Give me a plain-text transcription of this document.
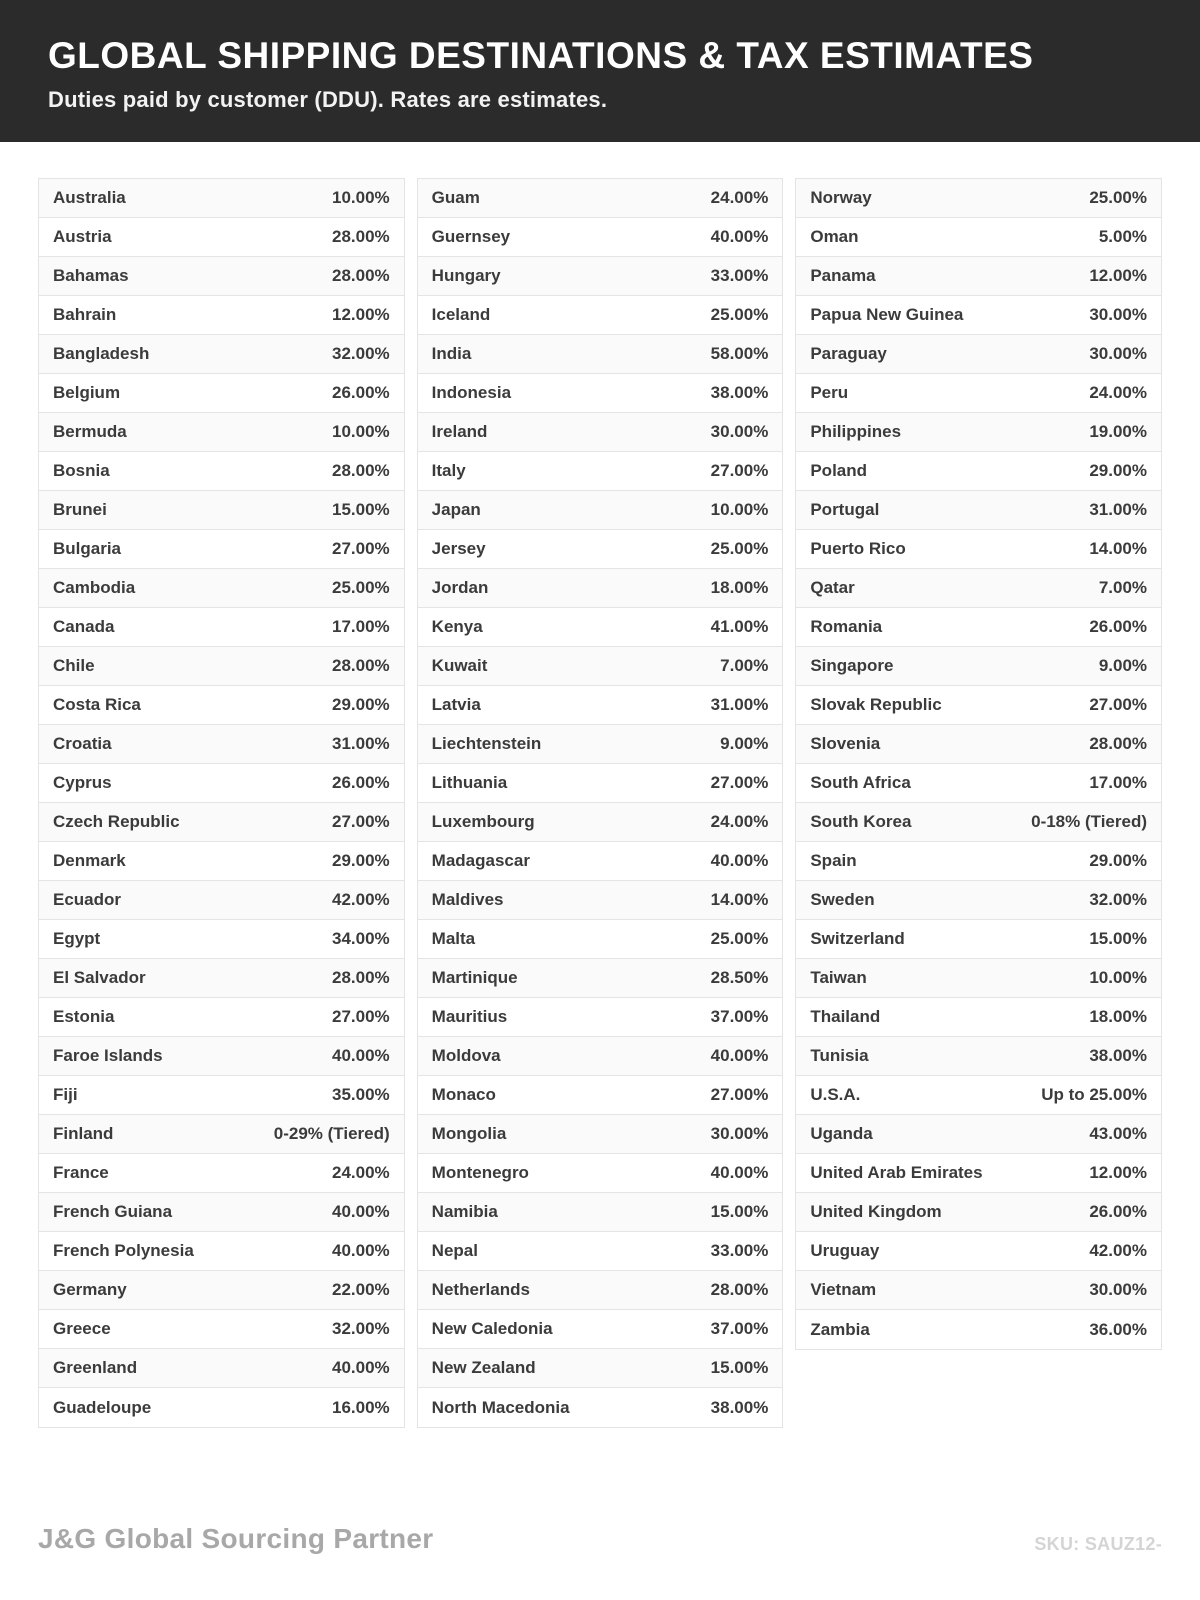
GLOBAL SHIPPING DESTINATIONS & TAX ESTIMATES
Duties paid by customer (DDU). Rates are estimates.
Australia	10.00%
Austria	28.00%
Bahamas	28.00%
Bahrain	12.00%
Bangladesh	32.00%
Belgium	26.00%
Bermuda	10.00%
Bosnia	28.00%
Brunei	15.00%
Bulgaria	27.00%
Cambodia	25.00%
Canada	17.00%
Chile	28.00%
Costa Rica	29.00%
Croatia	31.00%
Cyprus	26.00%
Czech Republic	27.00%
Denmark	29.00%
Ecuador	42.00%
Egypt	34.00%
El Salvador	28.00%
Estonia	27.00%
Faroe Islands	40.00%
Fiji	35.00%
Finland	0-29% (Tiered)
France	24.00%
French Guiana	40.00%
French Polynesia	40.00%
Germany	22.00%
Greece	32.00%
Greenland	40.00%
Guadeloupe	16.00%
Guam	24.00%
Guernsey	40.00%
Hungary	33.00%
Iceland	25.00%
India	58.00%
Indonesia	38.00%
Ireland	30.00%
Italy	27.00%
Japan	10.00%
Jersey	25.00%
Jordan	18.00%
Kenya	41.00%
Kuwait	7.00%
Latvia	31.00%
Liechtenstein	9.00%
Lithuania	27.00%
Luxembourg	24.00%
Madagascar	40.00%
Maldives	14.00%
Malta	25.00%
Martinique	28.50%
Mauritius	37.00%
Moldova	40.00%
Monaco	27.00%
Mongolia	30.00%
Montenegro	40.00%
Namibia	15.00%
Nepal	33.00%
Netherlands	28.00%
New Caledonia	37.00%
New Zealand	15.00%
North Macedonia	38.00%
Norway	25.00%
Oman	5.00%
Panama	12.00%
Papua New Guinea	30.00%
Paraguay	30.00%
Peru	24.00%
Philippines	19.00%
Poland	29.00%
Portugal	31.00%
Puerto Rico	14.00%
Qatar	7.00%
Romania	26.00%
Singapore	9.00%
Slovak Republic	27.00%
Slovenia	28.00%
South Africa	17.00%
South Korea	0-18% (Tiered)
Spain	29.00%
Sweden	32.00%
Switzerland	15.00%
Taiwan	10.00%
Thailand	18.00%
Tunisia	38.00%
U.S.A.	Up to 25.00%
Uganda	43.00%
United Arab Emirates	12.00%
United Kingdom	26.00%
Uruguay	42.00%
Vietnam	30.00%
Zambia	36.00%
J&G Global Sourcing Partner	SKU: SAUZ12-
